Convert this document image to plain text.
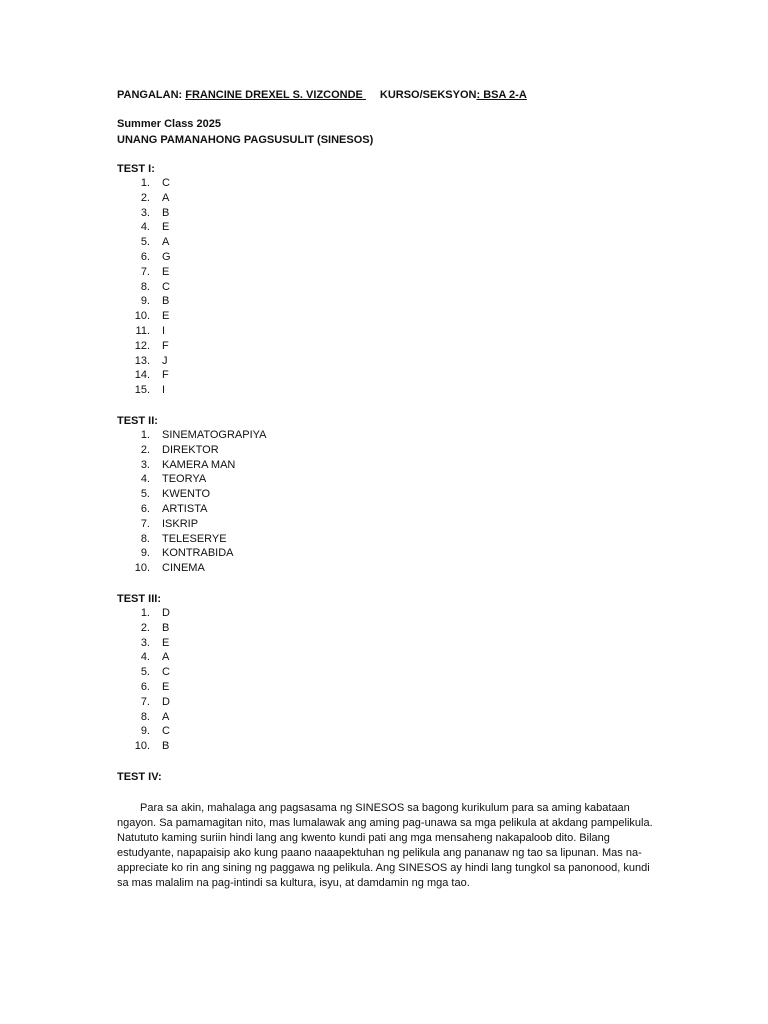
PANGALAN: FRANCINE DREXEL S. VIZCONDE KURSO/SEKSYON: BSA 2-A
Summer Class 2025
UNANG PAMANAHONG PAGSUSULIT (SINESOS)
TEST I:
1. C
2. A
3. B
4. E
5. A
6. G
7. E
8. C
9. B
10. E
11. I
12. F
13. J
14. F
15. I
TEST II:
1. SINEMATOGRAPIYA
2. DIREKTOR
3. KAMERA MAN
4. TEORYA
5. KWENTO
6. ARTISTA
7. ISKRIP
8. TELESERYE
9. KONTRABIDA
10. CINEMA
TEST III:
1. D
2. B
3. E
4. A
5. C
6. E
7. D
8. A
9. C
10. B
TEST IV:

Para sa akin, mahalaga ang pagsasama ng SINESOS sa bagong kurikulum para sa aming kabataan ngayon. Sa pamamagitan nito, mas lumalawak ang aming pag-unawa sa mga pelikula at akdang pampelikula. Natututo kaming suriin hindi lang ang kwento kundi pati ang mga mensaheng nakapaloob dito. Bilang estudyante, napapaisip ako kung paano naaapektuhan ng pelikula ang pananaw ng tao sa lipunan. Mas na-appreciate ko rin ang sining ng paggawa ng pelikula. Ang SINESOS ay hindi lang tungkol sa panonood, kundi sa mas malalim na pag-intindi sa kultura, isyu, at damdamin ng mga tao.
